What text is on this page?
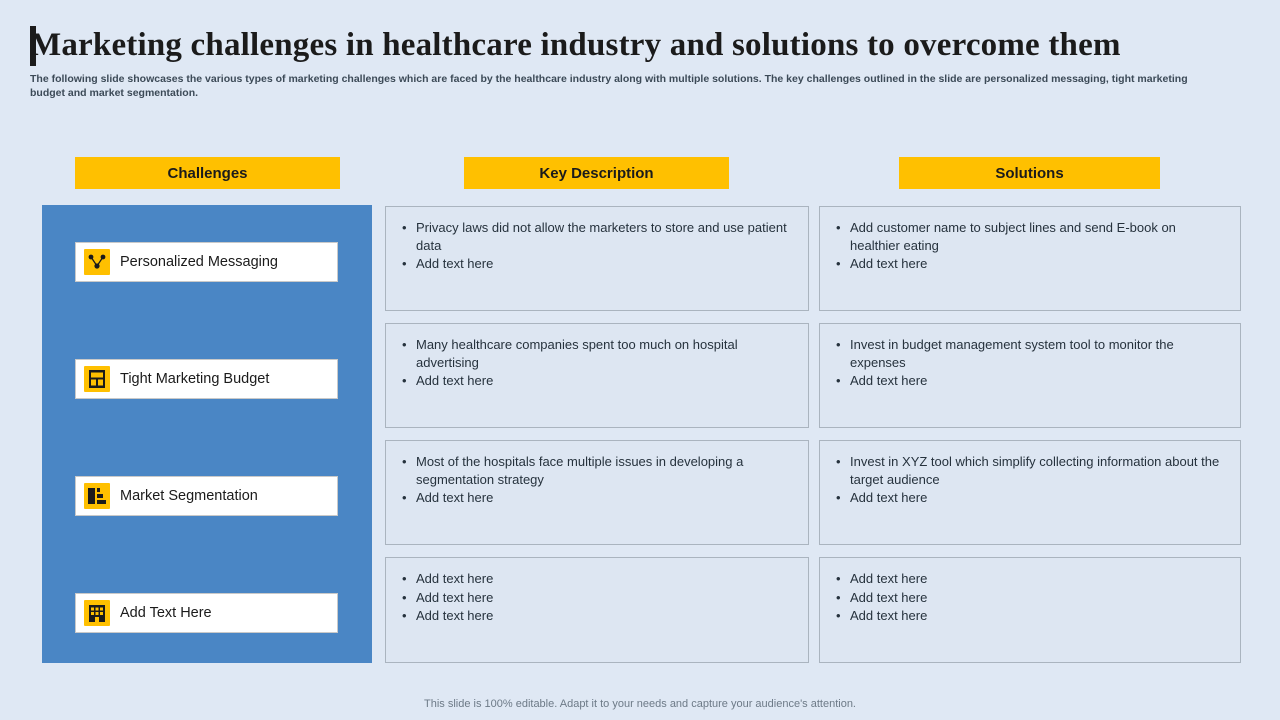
Marketing challenges in healthcare industry and solutions to overcome them
The following slide showcases the various types of marketing challenges which are faced by the healthcare industry along with multiple solutions. The key challenges outlined in the slide are personalized messaging, tight marketing budget and market segmentation.
Challenges	Key Description	Solutions
Personalized Messaging
Tight Marketing Budget
Market Segmentation
Add Text Here
• Privacy laws did not allow the marketers to store and use patient data
• Add text here
• Many healthcare companies spent too much on hospital advertising
• Add text here
• Most of the hospitals face multiple issues in developing a segmentation strategy
• Add text here
• Add text here
• Add text here
• Add text here
• Add customer name to subject lines and send E-book on healthier eating
• Add text here
• Invest in budget management system tool to monitor the expenses
• Add text here
• Invest in XYZ tool which simplify collecting information about the target audience
• Add text here
• Add text here
• Add text here
• Add text here
This slide is 100% editable. Adapt it to your needs and capture your audience's attention.
